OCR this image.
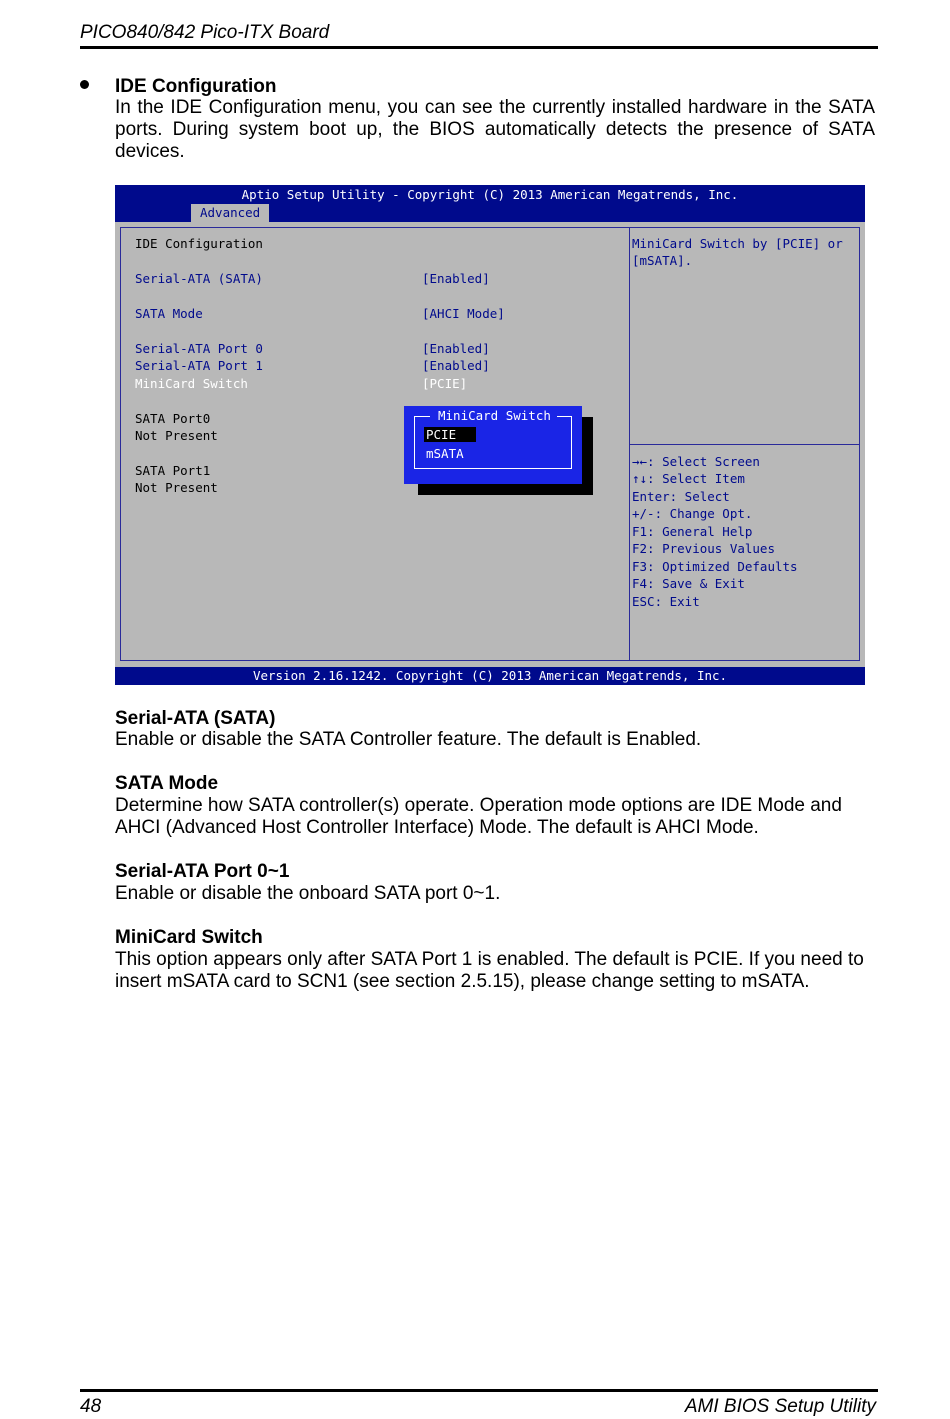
PICO840/842 Pico-ITX Board
IDE Configuration
In the IDE Configuration menu, you can see the currently installed hardware in the SATA ports. During system boot up, the BIOS automatically detects the presence of SATA devices.
Aptio Setup Utility - Copyright (C) 2013 American Megatrends, Inc.
Advanced
IDE Configuration
Serial-ATA (SATA)	[Enabled]
SATA Mode	[AHCI Mode]
Serial-ATA Port 0	[Enabled]
Serial-ATA Port 1	[Enabled]
MiniCard Switch	[PCIE]
SATA Port0
Not Present
SATA Port1
Not Present
MiniCard Switch by [PCIE] or
[mSATA].
→←: Select Screen
↑↓: Select Item
Enter: Select
+/-: Change Opt.
F1: General Help
F2: Previous Values
F3: Optimized Defaults
F4: Save & Exit
ESC: Exit
MiniCard Switch
PCIE
mSATA
Version 2.16.1242. Copyright (C) 2013 American Megatrends, Inc.
Serial-ATA (SATA)
Enable or disable the SATA Controller feature. The default is Enabled.
SATA Mode
Determine how SATA controller(s) operate. Operation mode options are IDE Mode and AHCI (Advanced Host Controller Interface) Mode. The default is AHCI Mode.
Serial-ATA Port 0~1
Enable or disable the onboard SATA port 0~1.
MiniCard Switch
This option appears only after SATA Port 1 is enabled. The default is PCIE. If you need to insert mSATA card to SCN1 (see section 2.5.15), please change setting to mSATA.
48	AMI BIOS Setup Utility
